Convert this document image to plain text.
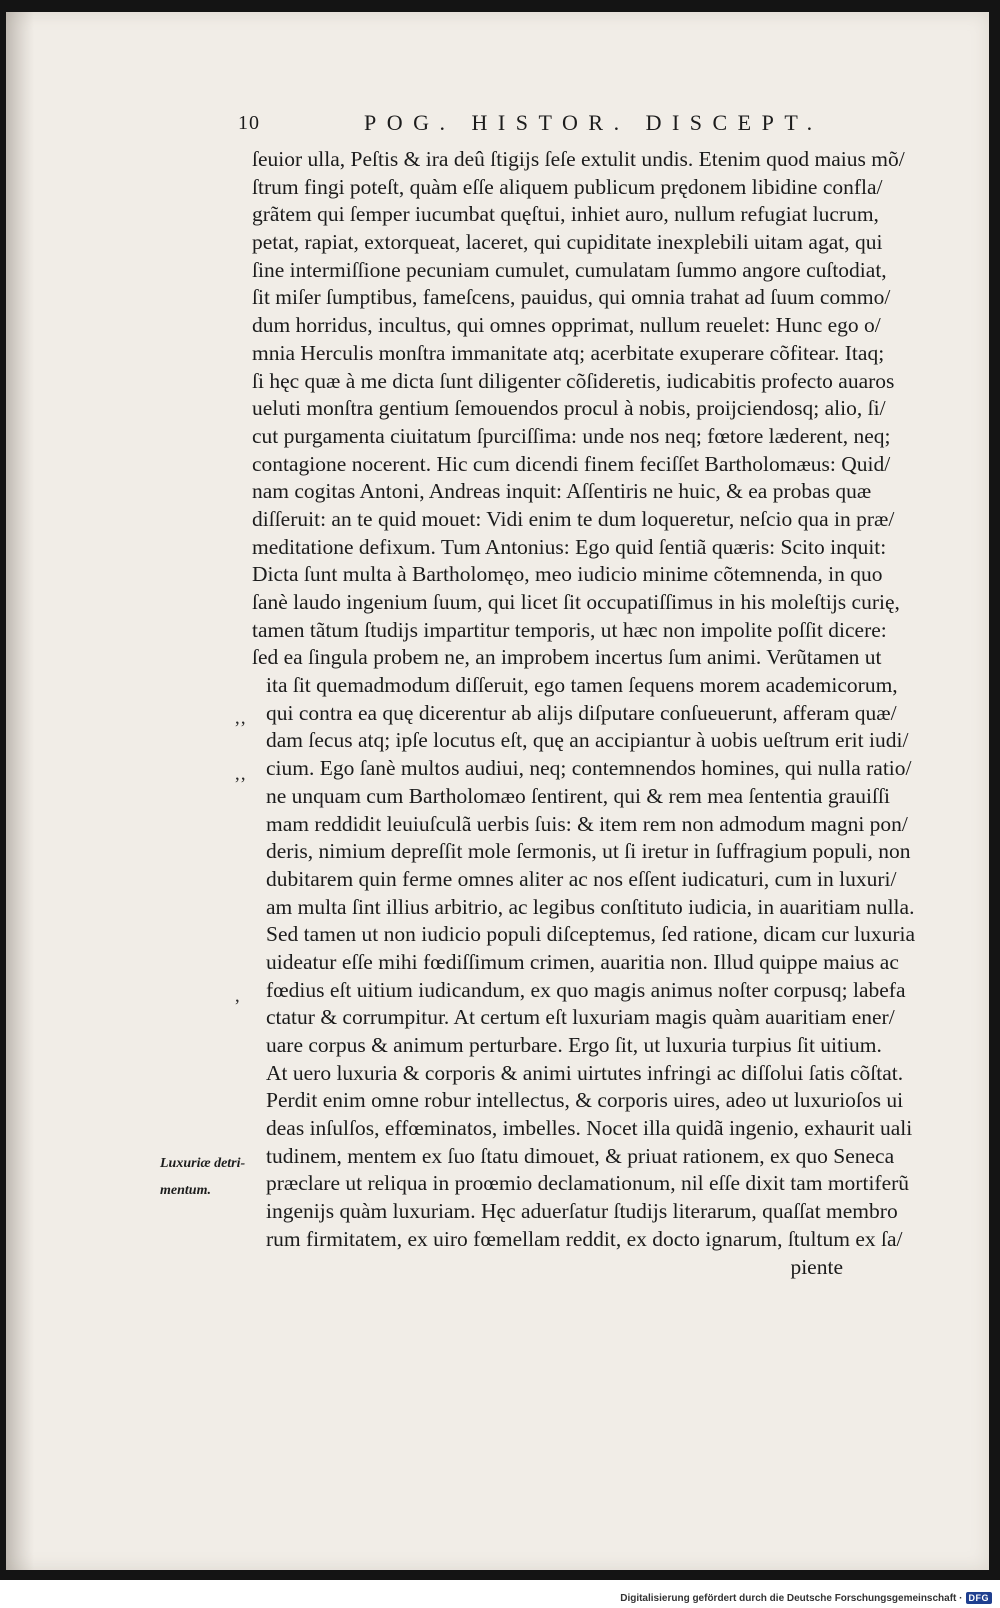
10	POG. HISTOR. DISCEPT.
ſeuior ulla, Peſtis & ira deû ſtigijs ſeſe extulit undis. Etenim quod maius mõ/
ſtrum fingi poteſt, quàm eſſe aliquem publicum prędonem libidine confla/
grãtem qui ſemper iucumbat quęſtui, inhiet auro, nullum refugiat lucrum,
petat, rapiat, extorqueat, laceret, qui cupiditate inexplebili uitam agat, qui
ſine intermiſſione pecuniam cumulet, cumulatam ſummo angore cuſtodiat,
ſit miſer ſumptibus, fameſcens, pauidus, qui omnia trahat ad ſuum commo/
dum horridus, incultus, qui omnes opprimat, nullum reuelet: Hunc ego o/
mnia Herculis monſtra immanitate atq; acerbitate exuperare cõfitear. Itaq;
ſi hęc quæ à me dicta ſunt diligenter cõſideretis, iudicabitis profecto auaros
ueluti monſtra gentium ſemouendos procul à nobis, proijciendosq; alio, ſi/
cut purgamenta ciuitatum ſpurciſſima: unde nos neq; fœtore læderent, neq;
contagione nocerent. Hic cum dicendi finem feciſſet Bartholomæus: Quid/
nam cogitas Antoni, Andreas inquit: Aſſentiris ne huic, & ea probas quæ
diſſeruit: an te quid mouet: Vidi enim te dum loqueretur, neſcio qua in præ/
meditatione defixum. Tum Antonius: Ego quid ſentiã quæris: Scito inquit:
Dicta ſunt multa à Bartholomęo, meo iudicio minime cõtemnenda, in quo
ſanè laudo ingenium ſuum, qui licet ſit occupatiſſimus in his moleſtijs curię,
tamen tãtum ſtudijs impartitur temporis, ut hæc non impolite poſſit dicere:
ſed ea ſingula probem ne, an improbem incertus ſum animi. Verũtamen ut
ita ſit quemadmodum diſſeruit, ego tamen ſequens morem academicorum,
qui contra ea quę dicerentur ab alijs diſputare conſueuerunt, afferam quæ/
dam ſecus atq; ipſe locutus eſt, quę an accipiantur à uobis ueſtrum erit iudi/
cium. Ego ſanè multos audiui, neq; contemnendos homines, qui nulla ratio/
ne unquam cum Bartholomæo ſentirent, qui & rem mea ſententia grauiſſi
mam reddidit leuiuſculã uerbis ſuis: & item rem non admodum magni pon/
deris, nimium depreſſit mole ſermonis, ut ſi iretur in ſuffragium populi, non
dubitarem quin ferme omnes aliter ac nos eſſent iudicaturi, cum in luxuri/
am multa ſint illius arbitrio, ac legibus conſtituto iudicia, in auaritiam nulla.
Sed tamen ut non iudicio populi diſceptemus, ſed ratione, dicam cur luxuria
uideatur eſſe mihi fœdiſſimum crimen, auaritia non. Illud quippe maius ac
fœdius eſt uitium iudicandum, ex quo magis animus noſter corpusq; labefa
ctatur & corrumpitur. At certum eſt luxuriam magis quàm auaritiam ener/
uare corpus & animum perturbare. Ergo ſit, ut luxuria turpius ſit uitium.
At uero luxuria & corporis & animi uirtutes infringi ac diſſolui ſatis cõſtat.
Perdit enim omne robur intellectus, & corporis uires, adeo ut luxurioſos ui
deas inſulſos, effœminatos, imbelles. Nocet illa quidã ingenio, exhaurit uali
tudinem, mentem ex ſuo ſtatu dimouet, & priuat rationem, ex quo Seneca
præclare ut reliqua in proœmio declamationum, nil eſſe dixit tam mortiferũ
ingenijs quàm luxuriam. Hęc aduerſatur ſtudijs literarum, quaſſat membro
rum firmitatem, ex uiro fœmellam reddit, ex docto ignarum, ſtultum ex ſa/
piente
’’
’’
’
Luxuriæ detri-
mentum.
Digitalisierung gefördert durch die Deutsche Forschungsgemeinschaft · DFG
